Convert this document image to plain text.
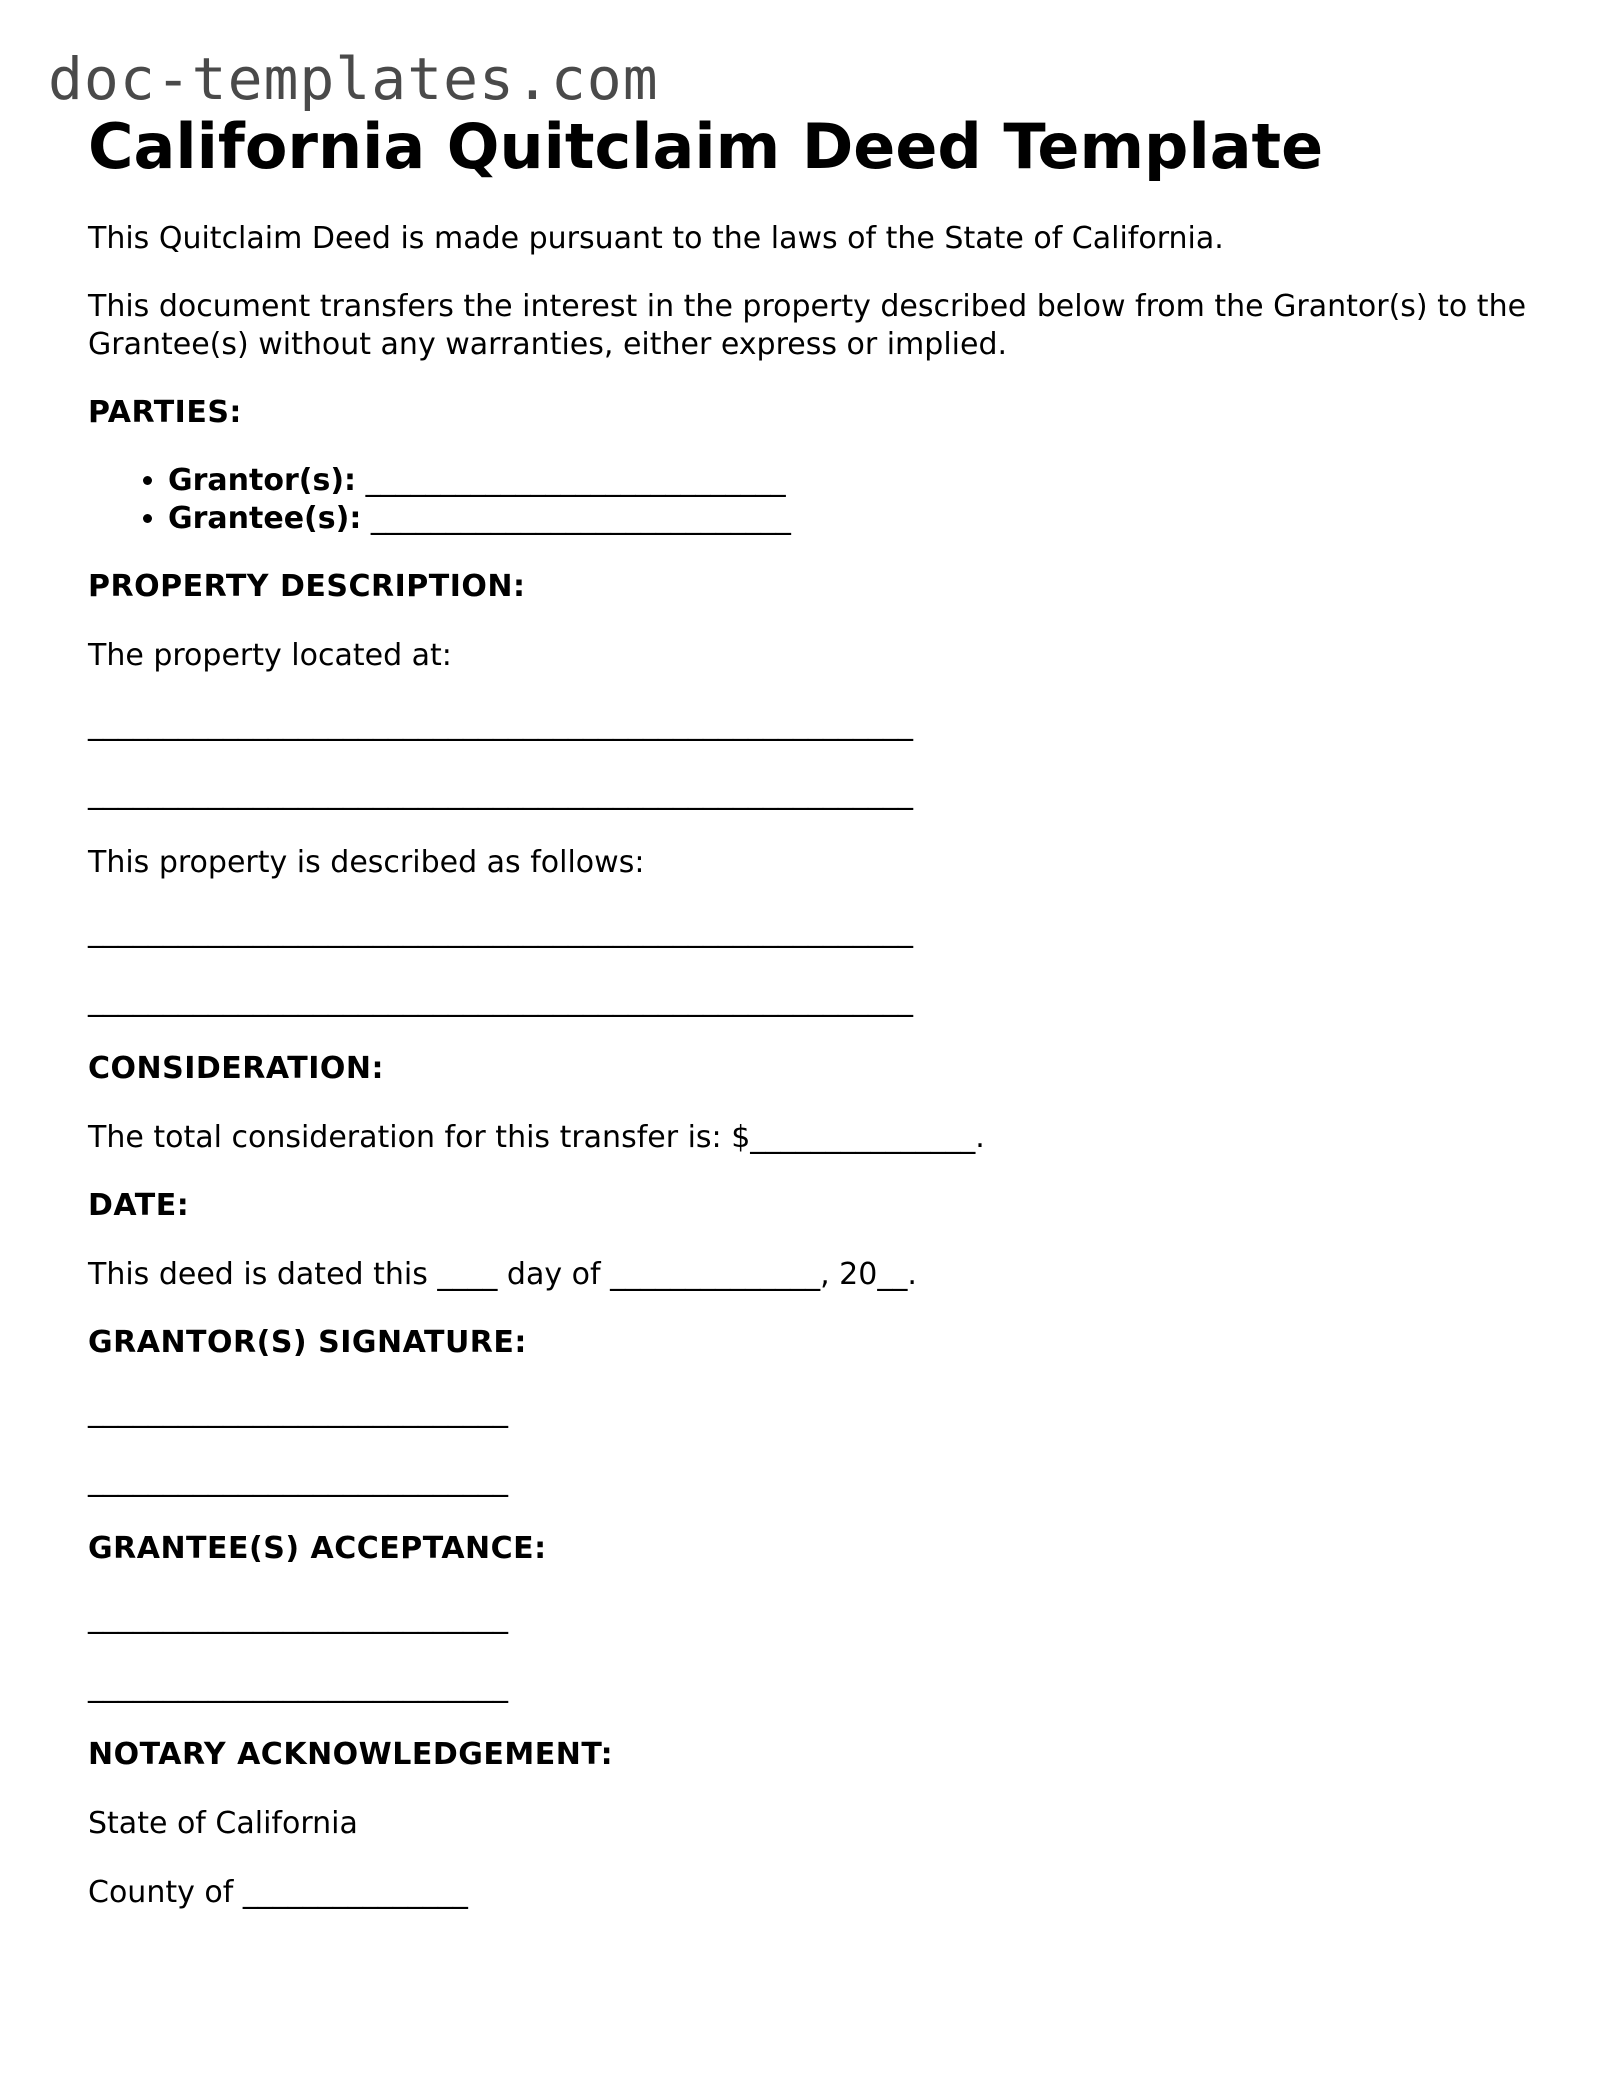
doc-templates.com
California Quitclaim Deed Template

This Quitclaim Deed is made pursuant to the laws of the State of California.

This document transfers the interest in the property described below from the Grantor(s) to the Grantee(s) without any warranties, either express or implied.

PARTIES:

• Grantor(s): ____________________________
• Grantee(s): ____________________________

PROPERTY DESCRIPTION:

The property located at:

_______________________________________________________

_______________________________________________________

This property is described as follows:

_______________________________________________________

_______________________________________________________

CONSIDERATION:

The total consideration for this transfer is: $_______________.

DATE:

This deed is dated this ____ day of ______________, 20__.

GRANTOR(S) SIGNATURE:

____________________________

____________________________

GRANTEE(S) ACCEPTANCE:

____________________________

____________________________

NOTARY ACKNOWLEDGEMENT:

State of California

County of _______________
